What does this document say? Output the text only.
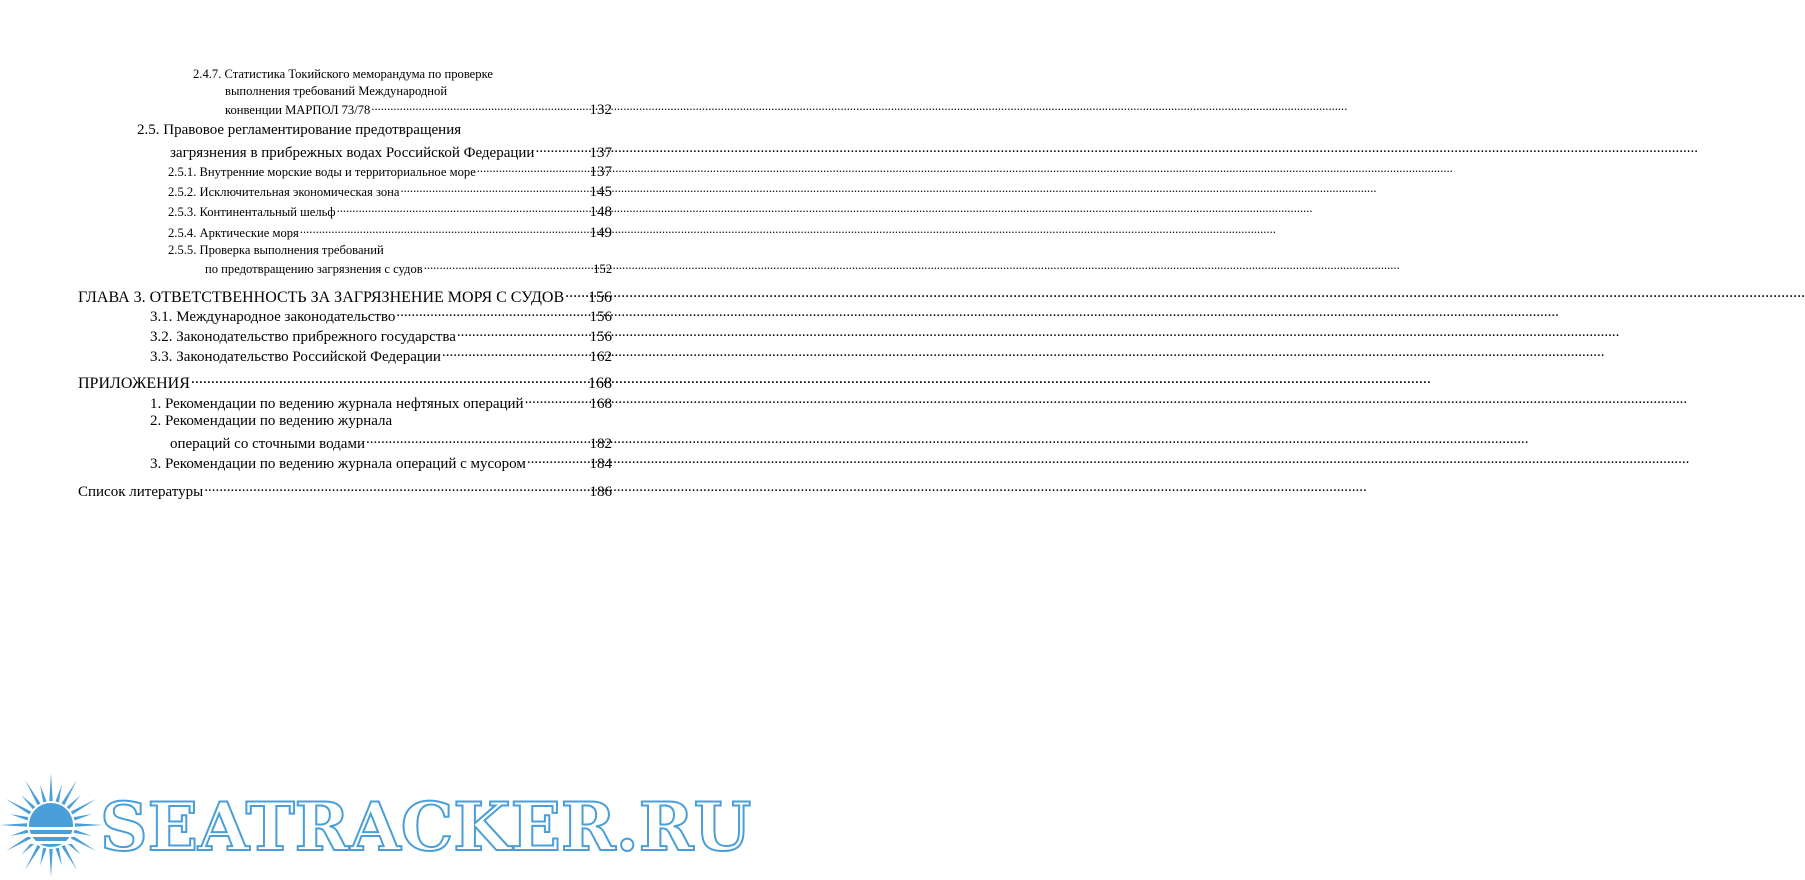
2.4.7. Статистика Токийского меморандума по проверке
выполнения требований Международной
конвенции МАРПОЛ 73/78 .....	132
2.5. Правовое регламентирование предотвращения
загрязнения в прибрежных водах Российской Федерации .....	137
2.5.1. Внутренние морские воды и территориальное море .....	137
2.5.2. Исключительная экономическая зона .....	145
2.5.3. Континентальный шельф .....	148
2.5.4. Арктические моря .....	149
2.5.5. Проверка выполнения требований
по предотвращению загрязнения с судов .....	152
ГЛАВА 3. ОТВЕТСТВЕННОСТЬ ЗА ЗАГРЯЗНЕНИЕ МОРЯ С СУДОВ ..... 156
3.1. Международное законодательство .....	156
3.2. Законодательство прибрежного государства .....	156
3.3. Законодательство Российской Федерации .....	162
ПРИЛОЖЕНИЯ .....	168
1. Рекомендации по ведению журнала нефтяных операций .....	168
2. Рекомендации по ведению журнала
операций со сточными водами .....	182
3. Рекомендации по ведению журнала операций с мусором .....	184
Список литературы .....	186
SEATRACKER.RU
